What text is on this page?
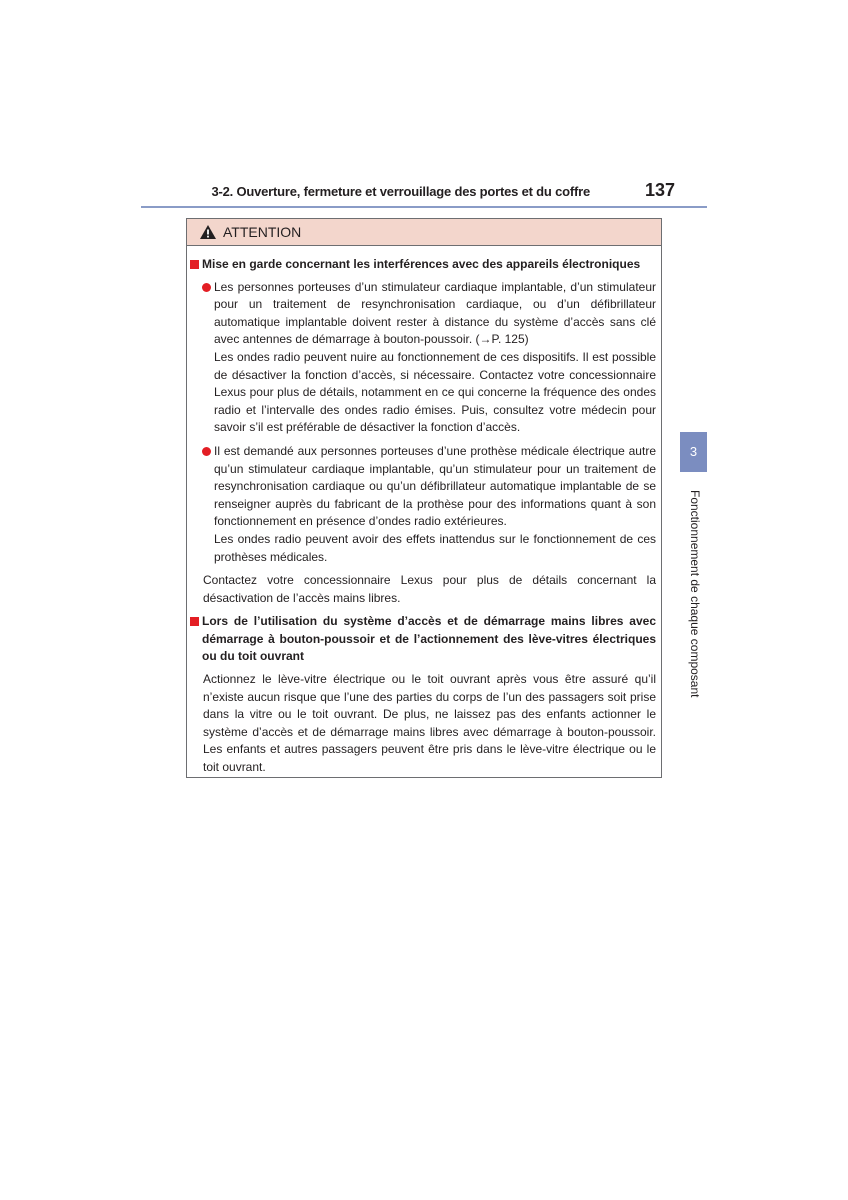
3-2. Ouverture, fermeture et verrouillage des portes et du coffre	137
3
Fonctionnement de chaque composant
ATTENTION
Mise en garde concernant les interférences avec des appareils électroniques
Les personnes porteuses d’un stimulateur cardiaque implantable, d’un stimulateur pour un traitement de resynchronisation cardiaque, ou d’un défibrillateur automatique implantable doivent rester à distance du système d’accès sans clé avec antennes de démarrage à bouton-poussoir. (→P. 125)
Les ondes radio peuvent nuire au fonctionnement de ces dispositifs. Il est possible de désactiver la fonction d’accès, si nécessaire. Contactez votre concessionnaire Lexus pour plus de détails, notamment en ce qui concerne la fréquence des ondes radio et l’intervalle des ondes radio émises. Puis, consultez votre médecin pour savoir s’il est préférable de désactiver la fonction d’accès.
Il est demandé aux personnes porteuses d’une prothèse médicale électrique autre qu’un stimulateur cardiaque implantable, qu’un stimulateur pour un traitement de resynchronisation cardiaque ou qu’un défibrillateur automatique implantable de se renseigner auprès du fabricant de la prothèse pour des informations quant à son fonctionnement en présence d’ondes radio extérieures.
Les ondes radio peuvent avoir des effets inattendus sur le fonctionnement de ces prothèses médicales.
Contactez votre concessionnaire Lexus pour plus de détails concernant la désactivation de l’accès mains libres.
Lors de l’utilisation du système d’accès et de démarrage mains libres avec démarrage à bouton-poussoir et de l’actionnement des lève-vitres électriques ou du toit ouvrant
Actionnez le lève-vitre électrique ou le toit ouvrant après vous être assuré qu’il n’existe aucun risque que l’une des parties du corps de l’un des passagers soit prise dans la vitre ou le toit ouvrant. De plus, ne laissez pas des enfants actionner le système d’accès et de démarrage mains libres avec démarrage à bouton-poussoir. Les enfants et autres passagers peuvent être pris dans le lève-vitre électrique ou le toit ouvrant.
